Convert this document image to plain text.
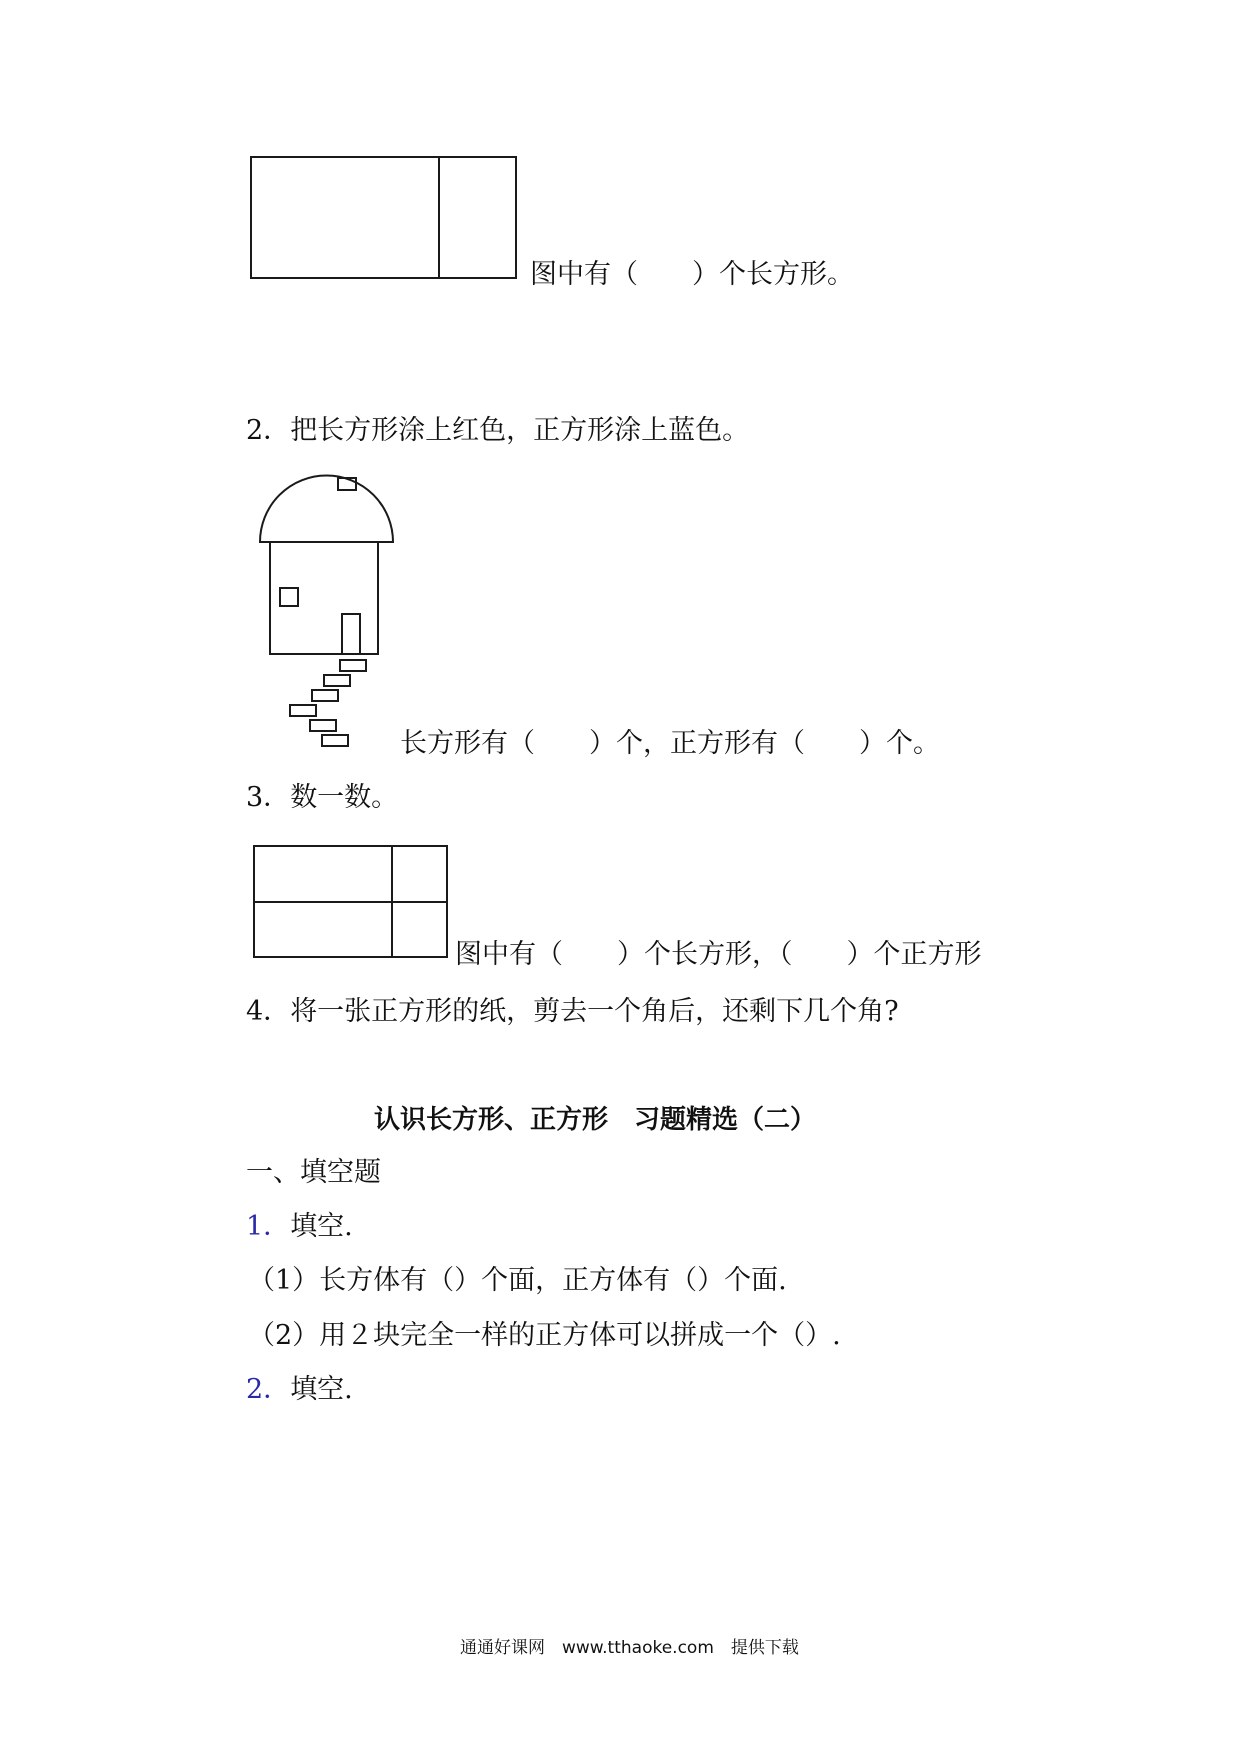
图中有（　　）个长方形。
2．把长方形涂上红色，正方形涂上蓝色。
长方形有（　　）个，正方形有（　　）个。
3．数一数。
图中有（　　）个长方形，（　　）个正方形
4．将一张正方形的纸，剪去一个角后，还剩下几个角?
认识长方形、正方形　习题精选（二）
一、填空题
1．填空.
（1）长方体有（）个面，正方体有（）个面.
（2）用２块完全一样的正方体可以拼成一个（）.
2．填空.
通通好课网　www.tthaoke.com　提供下载
